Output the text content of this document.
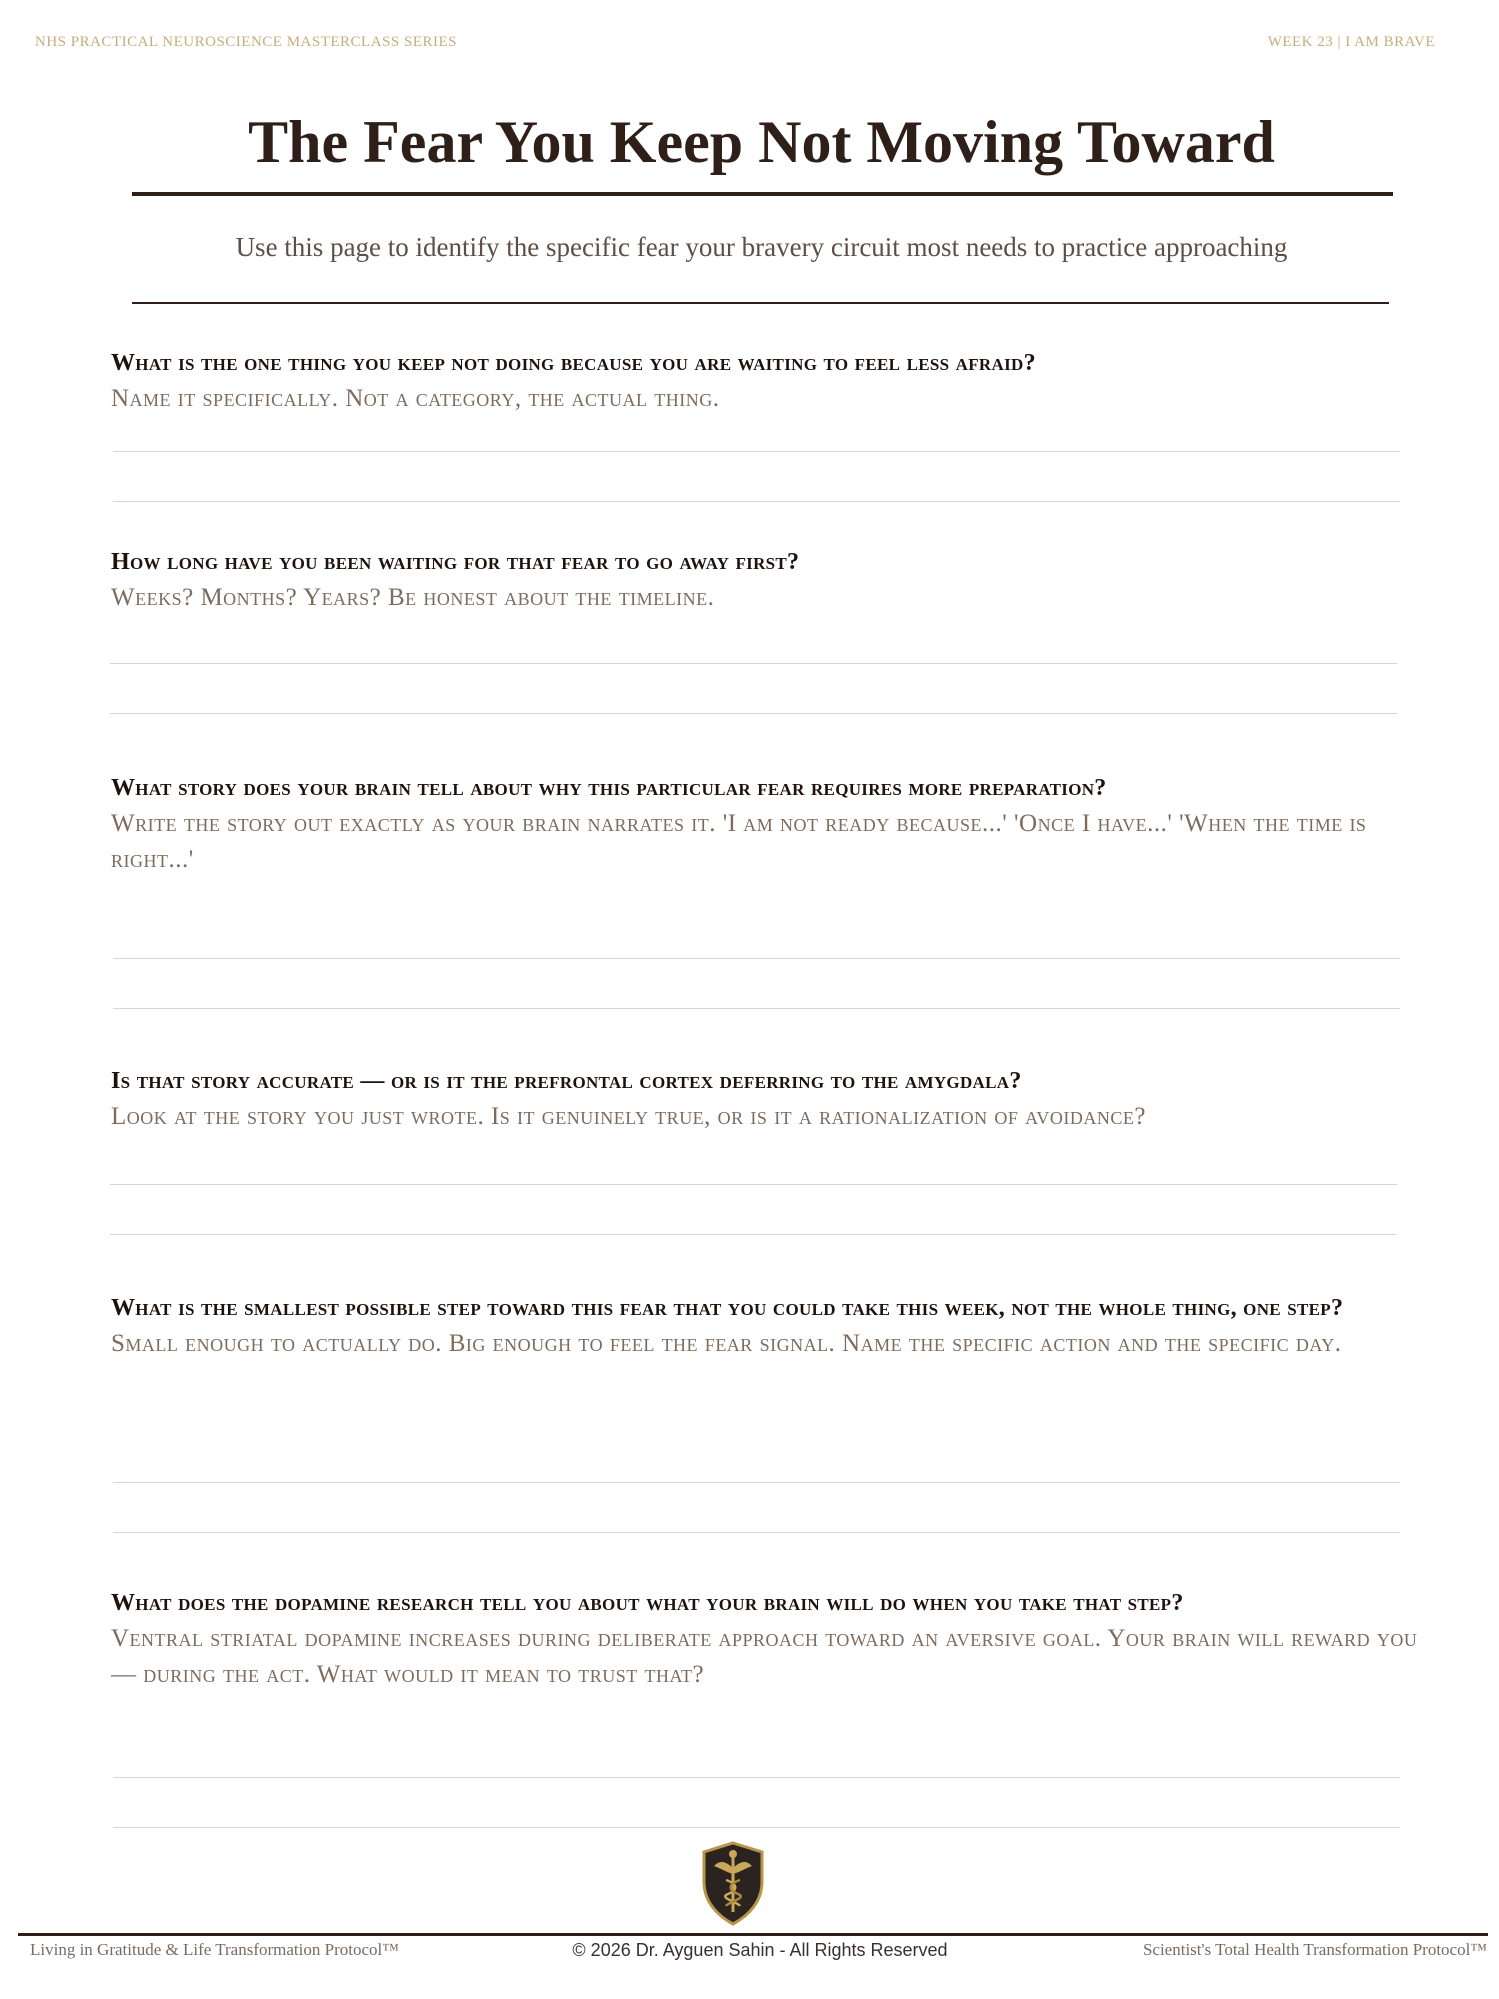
NHS PRACTICAL NEUROSCIENCE MASTERCLASS SERIES	WEEK 23 | I AM BRAVE
The Fear You Keep Not Moving Toward
Use this page to identify the specific fear your bravery circuit most needs to practice approaching
What is the one thing you keep not doing because you are waiting to feel less afraid?
Name it specifically. Not a category, the actual thing.
How long have you been waiting for that fear to go away first?
Weeks? Months? Years? Be honest about the timeline.
What story does your brain tell about why this particular fear requires more preparation?
Write the story out exactly as your brain narrates it. 'I am not ready because...' 'Once I have...' 'When the time is right...'
Is that story accurate — or is it the prefrontal cortex deferring to the amygdala?
Look at the story you just wrote. Is it genuinely true, or is it a rationalization of avoidance?
What is the smallest possible step toward this fear that you could take this week, not the whole thing, one step?
Small enough to actually do. Big enough to feel the fear signal. Name the specific action and the specific day.
What does the dopamine research tell you about what your brain will do when you take that step?
Ventral striatal dopamine increases during deliberate approach toward an aversive goal. Your brain will reward you — during the act. What would it mean to trust that?
Living in Gratitude & Life Transformation Protocol™	© 2026 Dr. Ayguen Sahin - All Rights Reserved	Scientist's Total Health Transformation Protocol™
